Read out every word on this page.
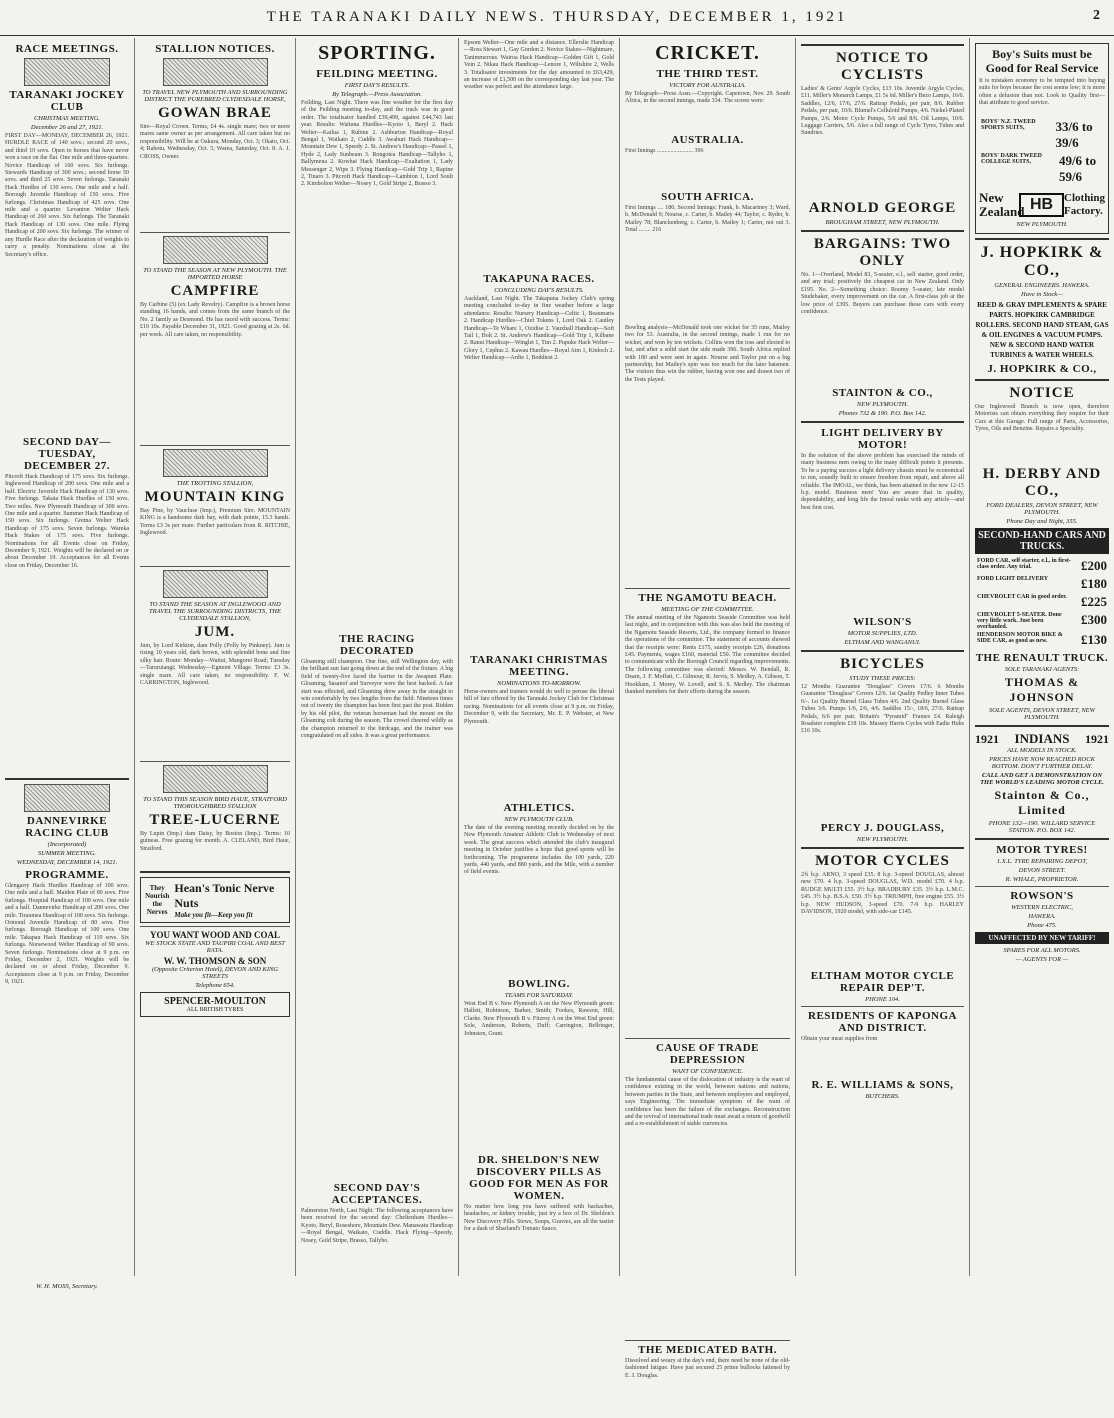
THE TARANAKI DAILY NEWS. THURSDAY, DECEMBER 1, 1921	2
RACE MEETINGS.
TARANAKI JOCKEY CLUB
CHRISTMAS MEETING.
December 26 and 27, 1921.
FIRST DAY—MONDAY, DECEMBER 26, 1921. HURDLE RACE of 140 sovs.; second 20 sovs., and third 10 sovs. Open to horses that have never won a race on the flat. One mile and three-quarters. Novice Handicap of 160 sovs. Six furlongs. Stewards Handicap of 300 sovs.; second horse 50 sovs. and third 25 sovs. Seven furlongs. Taranaki Hack Hurdles of 130 sovs. One mile and a half. Borough Juvenile Handicap of 150 sovs. Five furlongs. Christmas Handicap of 425 sovs. One mile and a quarter. Levanton Welter Hack Handicap of 260 sovs. Six furlongs. The Taranaki Hack Handicap of 130 sovs. One mile. Flying Handicap of 200 sovs. Six furlongs. The winner of any Hurdle Race after the declaration of weights to carry a penalty. Nominations close at the Secretary's office.
SECOND DAY—TUESDAY, DECEMBER 27.
Pitcroft Hack Handicap of 175 sovs. Six furlongs. Inglewood Handicap of 200 sovs. One mile and a half. Electric Juvenile Hack Handicap of 130 sovs. Five furlongs. Takata Hack Hurdles of 150 sovs. Two miles. New Plymouth Handicap of 300 sovs. One mile and a quarter. Summer Hack Handicap of 150 sovs. Six furlongs. Gretna Welter Hack Handicap of 175 sovs. Seven furlongs. Wareka Hack Stakes of 175 sovs. Five furlongs. Nominations for all Events close on Friday, December 9, 1921. Weights will be declared on or about December 19. Acceptances for all Events close on Friday, December 16.
DANNEVIRKE RACING CLUB
(Incorporated)
SUMMER MEETING.
WEDNESDAY, DECEMBER 14, 1921.
PROGRAMME.
Glengarry Hack Hurdles Handicap of 100 sovs. One mile and a half. Maiden Plate of 80 sovs. Five furlongs. Hospital Handicap of 100 sovs. One mile and a half. Dannevirke Handicap of 200 sovs. One mile. Tiraumea Handicap of 100 sovs. Six furlongs. Ormond Juvenile Handicap of 80 sovs. Five furlongs. Borough Handicap of 100 sovs. One mile. Takapau Hack Handicap of 110 sovs. Six furlongs. Norsewood Welter Handicap of 90 sovs. Seven furlongs. Nominations close at 9 p.m. on Friday, December 2, 1921. Weights will be declared on or about Friday, December 9. Acceptances close at 9 p.m. on Friday, December 9, 1921.
W. H. MOSS, Secretary.
STALLION NOTICES.
TO TRAVEL NEW PLYMOUTH AND SURROUNDING DISTRICT THE PUREBRED CLYDESDALE HORSE,
GOWAN BRAE
Sire—Royal Crown. Terms, £4 4s. single mare; two or more mares same owner as per arrangement. All care taken but no responsibility. Will be at Oakura, Monday, Oct. 3; Okato, Oct. 4; Rahotu, Wednesday, Oct. 5; Warea, Saturday, Oct. 8. A. J. CROSS, Owner.
TO STAND THE SEASON AT NEW PLYMOUTH. THE IMPORTED HORSE
CAMPFIRE
By Carbine (5) (ex Lady Revelry). Campfire is a brown horse standing 16 hands, and comes from the same branch of the No. 2 family as Desmond. He has raced with success. Terms: £10 10s. Payable December 31, 1921. Good grazing at 2s. 6d. per week. All care taken, no responsibility.
THE TROTTING STALLION,
MOUNTAIN KING
Bay Pine, by Vaucluse (Imp.), Premium Sire. MOUNTAIN KING is a handsome dark bay, with dark points, 15.3 hands. Terms £3 3s per mare. Further particulars from R. RITCHIE, Inglewood.
TO STAND THE SEASON AT INGLEWOOD AND TRAVEL THE SURROUNDING DISTRICTS, THE CLYDESDALE STALLION,
JUM.
Jum, by Lord Kirkton, dam Polly (Polly by Pinkney). Jum is rising 10 years old, dark brown, with splendid bone and fine silky hair. Route: Monday—Waitui, Mangorei Road; Tuesday—Tarurutangi; Wednesday—Egmont Village. Terms: £3 3s. single mare. All care taken, no responsibility. F. W. CARRINGTON, Inglewood.
TO STAND THIS SEASON BIRD HAUE, STRATFORD THOROUGHBRED STALLION
TREE-LUCERNE
By Lupin (Imp.) dam Daisy, by Boston (Imp.). Terms: 10 guineas. Free grazing for month. A. CLELAND, Bird Haue, Stratford.
They Nourish the Nerves
Hean's Tonic Nerve Nuts
Make you fit—Keep you fit
YOU WANT WOOD AND COAL
WE STOCK STATE AND TAUPIRI COAL AND BEST RATA.
W. W. THOMSON & SON
(Opposite Criterion Hotel), DEVON AND KING STREETS
Telephone 654.
SPENCER-MOULTON
ALL BRITISH TYRES
SPORTING.
FEILDING MEETING.
FIRST DAY'S RESULTS.
By Telegraph.—Press Association.
Feilding, Last Night. There was fine weather for the first day of the Feilding meeting to-day, and the track was in good order. The totalisator handled £39,499, against £44,743 last year. Results: Waituna Hurdles—Kyoto 1, Beryl 2. Hack Welter—Kailua 1, Rubine 2. Ashburton Handicap—Royal Bengal 1, Waikato 2, Cuddle 3. Awahuri Hack Handicap—Mountain Dew 1, Speedy 2. St. Andrew's Handicap—Passel 1, Hyde 2, Lady Sunbeam 3. Rongotea Handicap—Tallyho 1, Ballymena 2. Kowhai Hack Handicap—Exaltation 1, Lady Messenger 2, Wipe 3. Flying Handicap—Gold Trip 1, Rapine 2, Tinaro 3. Pitcroft Hack Handicap—Lambton 1, Lord Soult 2. Kimbolton Welter—Nosey 1, Gold Stripe 2, Brasso 3.
THE RACING DECORATED
Gloaming still champion. One fine, still Wellington day, with the brilliant sun fast going down at the end of the fixture. A big field of twenty-five faced the barrier in the Awapuni Plate. Gloaming, Sasanof and Surveyor were the best backed. A fair start was effected, and Gloaming drew away in the straight to win comfortably by two lengths from the field. Nineteen times out of twenty the champion has been first past the post. Ridden by his old pilot, the veteran horseman had the mount on the Gloaming colt during the season. The crowd cheered wildly as the champion returned to the birdcage, and the trainer was congratulated on all sides. It was a great performance.
SECOND DAY'S ACCEPTANCES.
Palmerston North, Last Night. The following acceptances have been received for the second day: Cheltenham Hurdles—Kyoto, Beryl, Roseshore, Mountain Dew. Manawatu Handicap—Royal Bengal, Waikato, Cuddle. Hack Flying—Speedy, Nosey, Gold Stripe, Brasso, Tallyho.
Epsom Welter—One mile and a distance. Ellerslie Handicap—Ross Stewart 1, Gay Gordon 2. Novice Stakes—Nightmare, Tanimmerous. Wairoa Hack Handicap—Golden Gift 1, Gold Vein 2. Nikau Hack Handicap—Lenore 1, Wiltshire 2, Wells 3. Totalisator investments for the day amounted to £63,429, an increase of £1,500 on the corresponding day last year. The weather was perfect and the attendance large.
TAKAPUNA RACES.
CONCLUDING DAY'S RESULTS.
Auckland, Last Night. The Takapuna Jockey Club's spring meeting concluded to-day in fine weather before a large attendance. Results: Nursery Handicap—Celtic 1, Beaumaris 2. Handicap Hurdles—Chief Tokens 1, Lord Oak 2. Cautley Handicap—Te Whare 1, Oxidise 2. Vauxhall Handicap—Soft Tail 1, Bolt 2. St. Andrew's Handicap—Gold Trip 1, Kilbane 2. Ranui Handicap—Winglet 1, Tim 2. Pupuke Hack Welter—Glory 1, Cephus 2. Kawau Hurdles—Royal Aim 1, Kinloch 2. Welter Handicap—Ardie 1, Boddiest 2.
TARANAKI CHRISTMAS MEETING.
NOMINATIONS TO-MORROW.
Horse-owners and trainers would do well to peruse the liberal bill of fare offered by the Taranaki Jockey Club for Christmas racing. Nominations for all events close at 9 p.m. on Friday, December 9, with the Secretary, Mr. E. P. Webster, at New Plymouth.
ATHLETICS.
NEW PLYMOUTH CLUB.
The date of the evening meeting recently decided on by the New Plymouth Amateur Athletic Club is Wednesday of next week. The great success which attended the club's inaugural meeting in October justifies a hope that good sports will be forthcoming. The programme includes the 100 yards, 220 yards, 440 yards, and 880 yards, and the Mile, with a number of field events.
BOWLING.
TEAMS FOR SATURDAY.
West End B v. New Plymouth A on the New Plymouth green: Hallett, Robinson, Barker, Smith; Fookes, Rawson, Hill, Clarke. New Plymouth B v. Fitzroy A on the West End green: Sole, Anderson, Roberts, Duff; Carrington, Bellringer, Johnston, Grant.
DR. SHELDON'S NEW DISCOVERY PILLS AS GOOD FOR MEN AS FOR WOMEN.
No matter how long you have suffered with backaches, headaches, or kidney trouble, just try a box of Dr. Sheldon's New Discovery Pills. Stews, Soups, Gravies, are all the tastier for a dash of Sharland's Tomato Sauce.
CRICKET.
THE THIRD TEST.
VICTORY FOR AUSTRALIA.
By Telegraph—Press Assn.—Copyright. Capetown, Nov. 29. South Africa, in the second innings, made 334. The scores were:
AUSTRALIA.
First Innings ........................ 396
SOUTH AFRICA.
First Innings .... 180. Second Innings: Frank, b. Macartney 3; Ward, b. McDonald 9; Nourse, c. Carter, b. Mailey 44; Taylor, c. Ryder, b. Mailey 78; Blanckenberg, c. Carter, b. Mailey 1; Carter, not out 3. Total ........ 216
Bowling analysis—McDonald took one wicket for 35 runs, Mailey two for 53. Australia, in the second innings, made 1 run for no wicket, and won by ten wickets. Collins won the toss and elected to bat, and after a solid start the side made 396. South Africa replied with 180 and were sent in again. Nourse and Taylor put on a big partnership, but Mailey's spin was too much for the later batsmen. The visitors thus win the rubber, having won one and drawn two of the Tests played.
THE NGAMOTU BEACH.
MEETING OF THE COMMITTEE.
The annual meeting of the Ngamotu Seaside Committee was held last night, and in conjunction with this was also held the meeting of the Ngamotu Seaside Resorts, Ltd., the company formed to finance the operations of the committee. The statement of accounts showed that the receipts were: Rents £175, sundry receipts £26, donations £45. Payments, wages £160, material £50. The committee decided to communicate with the Borough Council regarding improvements. The following committee was elected: Messrs. W. Bendall, R. Dearn, J. F. Moffatt, C. Gilmour, R. Jervis, S. Medley, A. Gibson, T. Hookham, J. Morey, W. Lovell, and S. S. Medley. The chairman thanked members for their efforts during the season.
CAUSE OF TRADE DEPRESSION
WANT OF CONFIDENCE.
The fundamental cause of the dislocation of industry is the want of confidence existing in the world, between nations and nations, between parties in the State, and between employers and employed, says Engineering. The immediate symptom of the want of confidence has been the failure of the exchanges. Reconstruction and the revival of international trade must await a return of goodwill and a re-establishment of stable currencies.
THE MEDICATED BATH.
Dissolved and weary at the day's end, there need be none of the old-fashioned fatigue. Have just secured 25 prime bullocks fattened by E. J. Douglas.
NOTICE TO CYCLISTS
Ladies' & Gents' Argyle Cycles, £13 10s. Juvenile Argyle Cycles, £11. Miller's Monarch Lamps, £1 5s 6d. Miller's Bezo Lamps, 16/6. Saddles, 12/6, 17/6, 27/6. Rattrap Pedals, per pair, 8/6. Rubber Pedals, per pair, 10/6. Blumel's Celluloid Pumps, 4/6. Nickel-Plated Pumps, 2/6. Motor Cycle Pumps, 5/6 and 8/6. Oil Lamps, 10/6. Luggage Carriers, 5/6. Also a full range of Cycle Tyres, Tubes and Sundries.
ARNOLD GEORGE
BROUGHAM STREET, NEW PLYMOUTH.
BARGAINS: TWO ONLY
No. 1—Overland, Model 83, 5-seater, e.l., self starter, good order, and any trial; positively the cheapest car in New Zealand. Only £195. No. 2—Something choice: Roomy 5-seater, late model Studebaker, every improvement on the car. A first-class job at the low price of £395. Buyers can purchase these cars with every confidence.
STAINTON & CO.,
NEW PLYMOUTH.
Phones 732 & 190. P.O. Box 142.
LIGHT DELIVERY BY MOTOR!
In the solution of the above problem has exercised the minds of many business men owing to the many difficult points it presents. To be a paying success a light delivery chassis must be economical to run, soundly built to ensure freedom from repair, and above all reliable. The IMOAL, we think, has been attained in the new 12-15 h.p. model. Business men! You are aware that in quality, dependability, and long life the Imoal ranks with any article—and best first cost.
WILSON'S
MOTOR SUPPLIES, LTD.
ELTHAM AND WANGANUI.
BICYCLES
STUDY THESE PRICES:
12 Months Guarantee "Douglass" Covers 17/6. 6 Months Guarantee "Douglass" Covers 12/6. 1st Quality Pedley Inner Tubes 6/-. 1st Quality Burnel Glass Tubes 4/6. 2nd Quality Burnel Glass Tubes 3/6. Pumps 1/6, 2/6, 4/6. Saddles 15/-, 18/6, 27/6. Rattrap Pedals, 6/6 per pair. Britain's "Pyramid" Frames £4. Raleigh Roadster complete £18 10s. Massey Harris Cycles with Eadie Hubs £16 10s.
PERCY J. DOUGLASS,
NEW PLYMOUTH.
MOTOR CYCLES
2¾ h.p. ARNO, 3 speed £35. 8 h.p. 3-speed DOUGLAS, almost new £70. 4 h.p. 3-speed DOUGLAS, W.D. model £70. 4 h.p. RUDGE MULTI £55. 3½ h.p. BRADBURY £35. 3½ h.p. L.M.C. £45. 3½ h.p. B.S.A. £50. 3½ h.p. TRIUMPH, free engine £55. 3½ h.p. NEW HUDSON, 3-speed £70. 7-9 h.p. HARLEY DAVIDSON, 1920 model, with side-car £145.
ELTHAM MOTOR CYCLE REPAIR DEP'T.
PHONE 104.
RESIDENTS OF KAPONGA AND DISTRICT.
Obtain your meat supplies from
R. E. WILLIAMS & SONS,
BUTCHERS.
Boy's Suits must be Good for Real Service
It is mistaken economy to be tempted into buying suits for boys because the cost seems low; it is more often a delusion than not. Look to Quality first—that attribute to good service.
BOYS' N.Z. TWEED SPORTS SUITS,	33/6 to 39/6
BOYS' DARK TWEED COLLEGE SUITS,	49/6 to 59/6
New Zealand HB Clothing Factory.
NEW PLYMOUTH.
J. HOPKIRK & CO.,
GENERAL ENGINEERS. HAWERA.
Have in Stock—
REED & GRAY IMPLEMENTS & SPARE PARTS. HOPKIRK CAMBRIDGE ROLLERS. SECOND HAND STEAM, GAS & OIL ENGINES & VACUUM PUMPS. NEW & SECOND HAND WATER TURBINES & WATER WHEELS.
J. HOPKIRK & CO.,
NOTICE
Our Inglewood Branch is now open, therefore Motorists can obtain everything they require for their Cars at this Garage. Full range of Parts, Accessories, Tyres, Oils and Benzine. Repairs a Speciality.
H. DERBY AND CO.,
FORD DEALERS, DEVON STREET, NEW PLYMOUTH.
Phone Day and Night, 355.
SECOND-HAND CARS AND TRUCKS.
FORD CAR, self starter, e.l., in first-class order. Any trial.	£200
FORD LIGHT DELIVERY	£180
CHEVROLET CAR in good order.	£225
CHEVROLET 5-SEATER. Done very little work. Just been overhauled.	£300
HENDERSON MOTOR BIKE & SIDE CAR, as good as new.	£130
THE RENAULT TRUCK.
SOLE TARANAKI AGENTS:
THOMAS & JOHNSON
SOLE AGENTS, DEVON STREET, NEW PLYMOUTH.
1921 INDIANS 1921
ALL MODELS IN STOCK.
PRICES HAVE NOW REACHED ROCK BOTTOM. DON'T FURTHER DELAY.
CALL AND GET A DEMONSTRATION ON THE WORLD'S LEADING MOTOR CYCLE.
Stainton & Co., Limited
PHONE 132—190. WILLARD SERVICE STATION. P.O. BOX 142.
MOTOR TYRES!
1.X.L. TYRE REPAIRING DEPOT,
DEVON STREET.
R. WHALE, PROPRIETOR.
ROWSON'S
WESTERN ELECTRIC,
HAWERA.
Phone 475.
UNAFFECTED BY NEW TARIFF!
SPARES FOR ALL MOTORS.
— AGENTS FOR —
